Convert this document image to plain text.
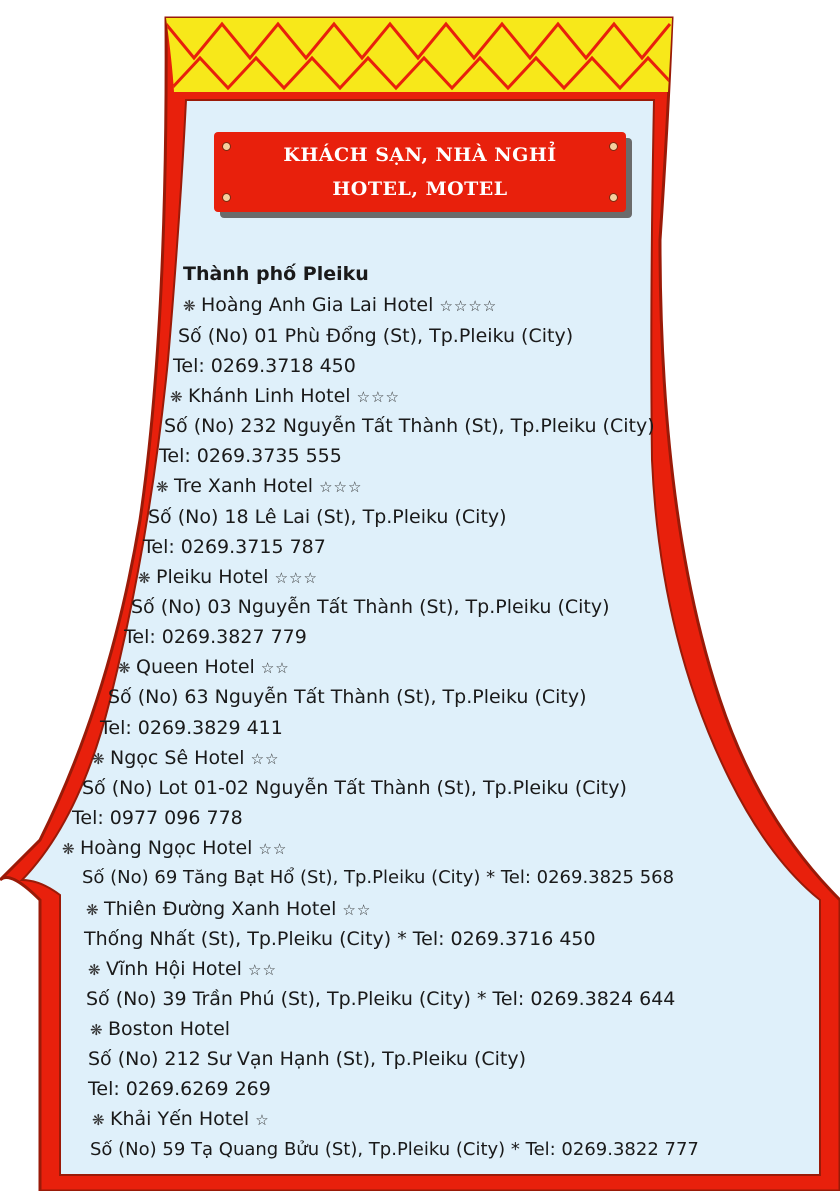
KHÁCH SẠN, NHÀ NGHỈ
HOTEL, MOTEL
Thành phố Pleiku
❋ Hoàng Anh Gia Lai Hotel ☆☆☆☆
Số (No) 01 Phù Đổng (St), Tp.Pleiku (City)
Tel: 0269.3718 450
❋ Khánh Linh Hotel ☆☆☆
Số (No) 232 Nguyễn Tất Thành (St), Tp.Pleiku (City)
Tel: 0269.3735 555
❋ Tre Xanh Hotel ☆☆☆
Số (No) 18 Lê Lai (St), Tp.Pleiku (City)
Tel: 0269.3715 787
❋ Pleiku Hotel ☆☆☆
Số (No) 03 Nguyễn Tất Thành (St), Tp.Pleiku (City)
Tel: 0269.3827 779
❋ Queen Hotel ☆☆
Số (No) 63 Nguyễn Tất Thành (St), Tp.Pleiku (City)
Tel: 0269.3829 411
❋ Ngọc Sê Hotel ☆☆
Số (No) Lot 01-02 Nguyễn Tất Thành (St), Tp.Pleiku (City)
Tel: 0977 096 778
❋ Hoàng Ngọc Hotel ☆☆
Số (No) 69 Tăng Bạt Hổ (St), Tp.Pleiku (City) * Tel: 0269.3825 568
❋ Thiên Đường Xanh Hotel ☆☆
Thống Nhất (St), Tp.Pleiku (City) * Tel: 0269.3716 450
❋ Vĩnh Hội Hotel ☆☆
Số (No) 39 Trần Phú (St), Tp.Pleiku (City) * Tel: 0269.3824 644
❋ Boston Hotel
Số (No) 212 Sư Vạn Hạnh (St), Tp.Pleiku (City)
Tel: 0269.6269 269
❋ Khải Yến Hotel ☆
Số (No) 59 Tạ Quang Bửu (St), Tp.Pleiku (City) * Tel: 0269.3822 777
